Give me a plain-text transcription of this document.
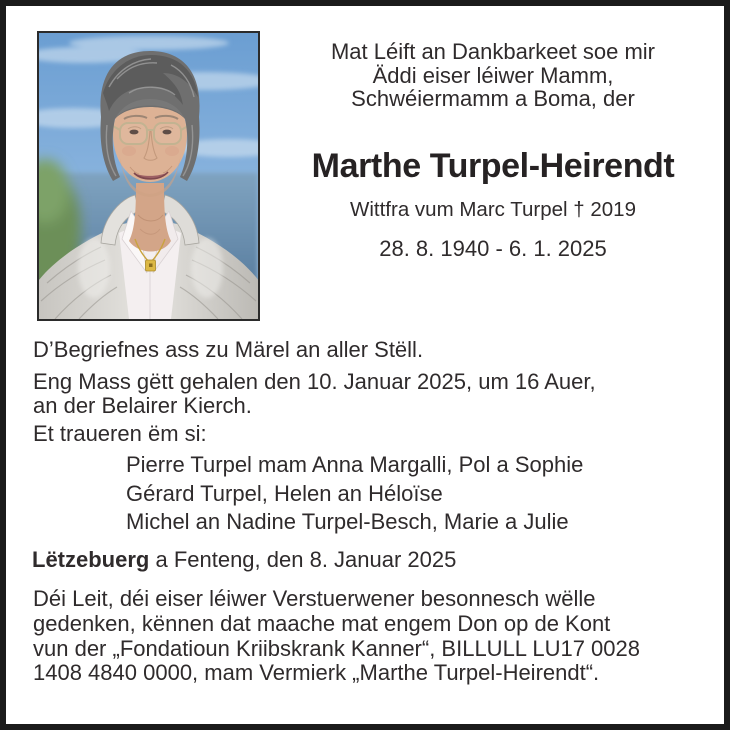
Mat Léift an Dankbarkeet soe mir
Äddi eiser léiwer Mamm,
Schwéiermamm a Boma, der
Marthe Turpel-Heirendt
Wittfra vum Marc Turpel † 2019
28. 8. 1940 - 6. 1. 2025
D’Begriefnes ass zu Märel an aller Stëll.
Eng Mass gëtt gehalen den 10. Januar 2025, um 16 Auer,
an der Belairer Kierch.
Et traueren ëm si:
Pierre Turpel mam Anna Margalli, Pol a Sophie
Gérard Turpel, Helen an Héloïse
Michel an Nadine Turpel-Besch, Marie a Julie
Lëtzebuerg a Fenteng, den 8. Januar 2025
Déi Leit, déi eiser léiwer Verstuerwener besonnesch wëlle
gedenken, kënnen dat maache mat engem Don op de Kont
vun der „Fondatioun Kriibskrank Kanner“, BILLULL LU17 0028
1408 4840 0000, mam Vermierk „Marthe Turpel-Heirendt“.
